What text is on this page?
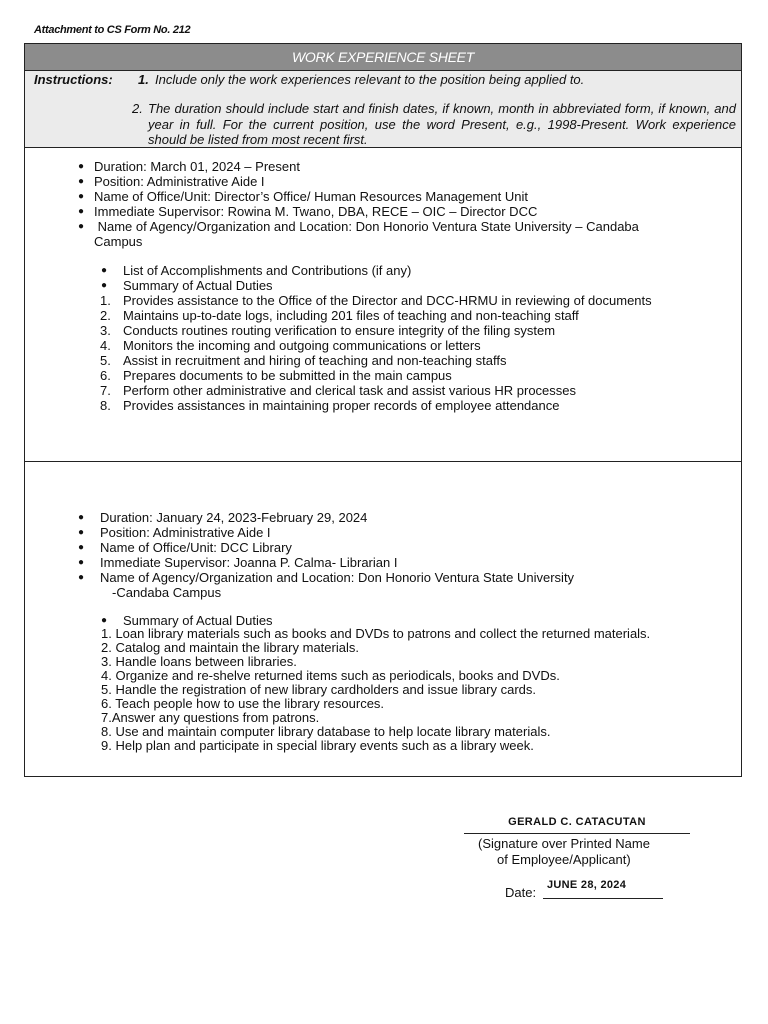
Attachment to CS Form No. 212
WORK EXPERIENCE SHEET
Instructions: 1. Include only the work experiences relevant to the position being applied to.
2. The duration should include start and finish dates, if known, month in abbreviated form, if known, and year in full. For the current position, use the word Present, e.g., 1998-Present. Work experience should be listed from most recent first.
● Duration: March 01, 2024 – Present
● Position: Administrative Aide I
● Name of Office/Unit: Director’s Office/ Human Resources Management Unit
● Immediate Supervisor: Rowina M. Twano, DBA, RECE – OIC – Director DCC
● Name of Agency/Organization and Location: Don Honorio Ventura State University – Candaba
Campus
● List of Accomplishments and Contributions (if any)
● Summary of Actual Duties
1. Provides assistance to the Office of the Director and DCC-HRMU in reviewing of documents
2. Maintains up-to-date logs, including 201 files of teaching and non-teaching staff
3. Conducts routines routing verification to ensure integrity of the filing system
4. Monitors the incoming and outgoing communications or letters
5. Assist in recruitment and hiring of teaching and non-teaching staffs
6. Prepares documents to be submitted in the main campus
7. Perform other administrative and clerical task and assist various HR processes
8. Provides assistances in maintaining proper records of employee attendance
● Duration: January 24, 2023-February 29, 2024
● Position: Administrative Aide I
● Name of Office/Unit: DCC Library
● Immediate Supervisor: Joanna P. Calma- Librarian I
● Name of Agency/Organization and Location: Don Honorio Ventura State University
-Candaba Campus
● Summary of Actual Duties
1. Loan library materials such as books and DVDs to patrons and collect the returned materials.
2. Catalog and maintain the library materials.
3. Handle loans between libraries.
4. Organize and re-shelve returned items such as periodicals, books and DVDs.
5. Handle the registration of new library cardholders and issue library cards.
6. Teach people how to use the library resources.
7.Answer any questions from patrons.
8. Use and maintain computer library database to help locate library materials.
9. Help plan and participate in special library events such as a library week.
GERALD C. CATACUTAN
(Signature over Printed Name
of Employee/Applicant)
Date: JUNE 28, 2024
